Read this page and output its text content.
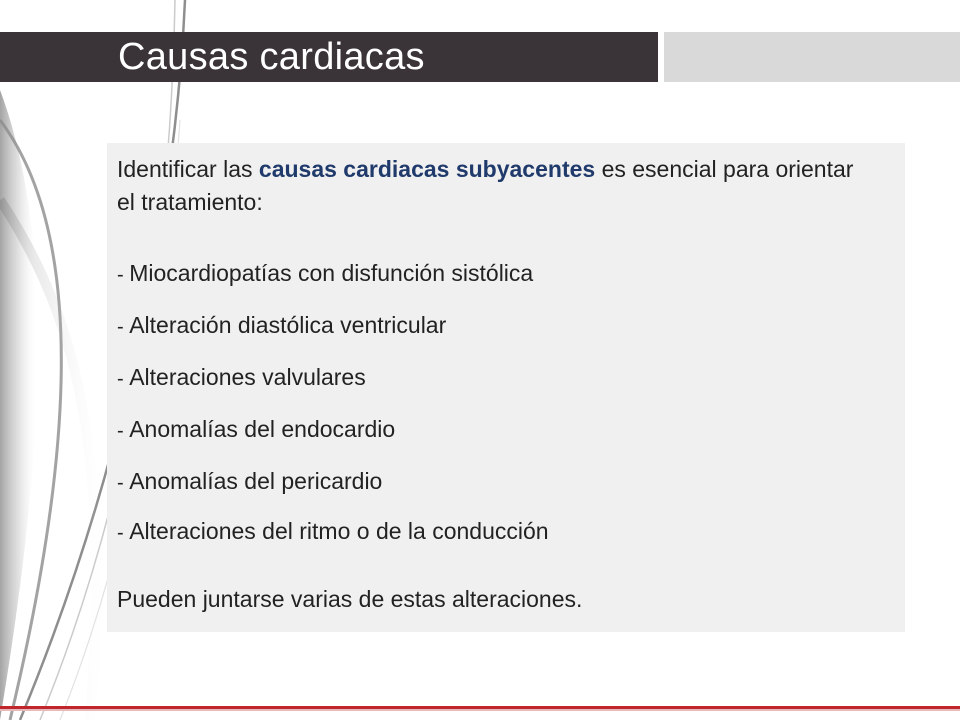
Causas cardiacas

Identificar las causas cardiacas subyacentes es esencial para orientar el tratamiento:

- Miocardiopatías con disfunción sistólica

- Alteración diastólica ventricular

- Alteraciones valvulares

- Anomalías del endocardio

- Anomalías del pericardio

- Alteraciones del ritmo o de la conducción

Pueden juntarse varias de estas alteraciones.
